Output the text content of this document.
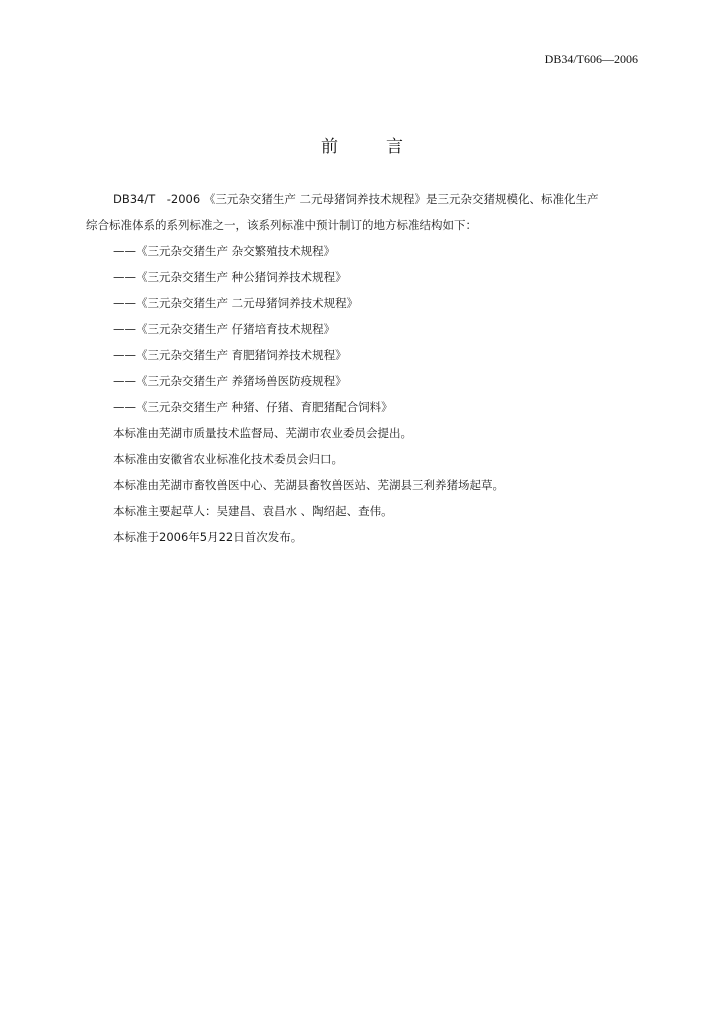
DB34/T606—2006
前	言

DB34/T　-2006 《三元杂交猪生产 二元母猪饲养技术规程》是三元杂交猪规模化、标准化生产

综合标准体系的系列标准之一，该系列标准中预计制订的地方标准结构如下：

——《三元杂交猪生产 杂交繁殖技术规程》
——《三元杂交猪生产 种公猪饲养技术规程》
——《三元杂交猪生产 二元母猪饲养技术规程》
——《三元杂交猪生产 仔猪培育技术规程》
——《三元杂交猪生产 育肥猪饲养技术规程》
——《三元杂交猪生产 养猪场兽医防疫规程》
——《三元杂交猪生产 种猪、仔猪、育肥猪配合饲料》

本标准由芜湖市质量技术监督局、芜湖市农业委员会提出。

本标准由安徽省农业标准化技术委员会归口。

本标准由芜湖市畜牧兽医中心、芜湖县畜牧兽医站、芜湖县三利养猪场起草。

本标准主要起草人：吴建昌、袁昌水 、陶绍起、查伟。

本标准于2006年5月22日首次发布。
